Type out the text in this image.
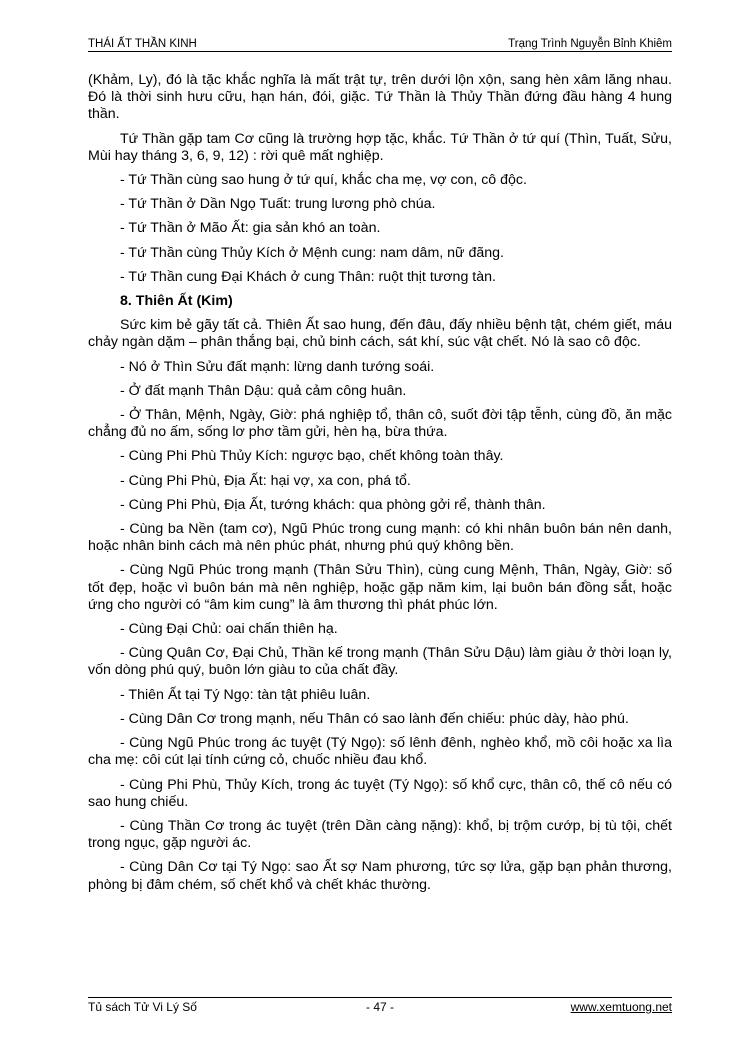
THÁI ẤT THẦN KINH	Trạng Trình Nguyễn Bỉnh Khiêm

(Khảm, Ly), đó là tặc khắc nghĩa là mất trật tự, trên dưới lộn xộn, sang hèn xâm lăng nhau. Đó là thời sinh hưu cữu, hạn hán, đói, giặc. Tứ Thần là Thủy Thần đứng đầu hàng 4 hung thần.

Tứ Thần gặp tam Cơ cũng là trường hợp tặc, khắc. Tứ Thần ở tứ quí (Thìn, Tuất, Sửu, Mùi hay tháng 3, 6, 9, 12) : rời quê mất nghiệp.

- Tứ Thần cùng sao hung ở tứ quí, khắc cha mẹ, vợ con, cô độc.

- Tứ Thần ở Dần Ngọ Tuất: trung lương phò chúa.

- Tứ Thần ở Mão Ất: gia sản khó an toàn.

- Tứ Thần cùng Thủy Kích ở Mệnh cung: nam dâm, nữ đãng.

- Tứ Thần cung Đại Khách ở cung Thân: ruột thịt tương tàn.

8. Thiên Ất (Kim)

Sức kim bẻ gãy tất cả. Thiên Ất sao hung, đến đâu, đấy nhiều bệnh tật, chém giết, máu chảy ngàn dặm – phân thắng bại, chủ binh cách, sát khí, súc vật chết. Nó là sao cô độc.

- Nó ở Thìn Sửu đất mạnh: lừng danh tướng soái.

- Ở đất mạnh Thân Dậu: quả cảm công huân.

- Ở Thân, Mệnh, Ngày, Giờ: phá nghiệp tổ, thân cô, suốt đời tập tễnh, cùng đồ, ăn mặc chẳng đủ no ấm, sống lơ phơ tầm gửi, hèn hạ, bừa thứa.

- Cùng Phi Phù Thủy Kích: ngược bạo, chết không toàn thây.

- Cùng Phi Phù, Địa Ất: hại vợ, xa con, phá tổ.

- Cùng Phi Phù, Địa Ất, tướng khách: qua phòng gởi rể, thành thân.

- Cùng ba Nền (tam cơ), Ngũ Phúc trong cung mạnh: có khi nhân buôn bán nên danh, hoặc nhân binh cách mà nên phúc phát, nhưng phú quý không bền.

- Cùng Ngũ Phúc trong mạnh (Thân Sửu Thìn), cùng cung Mệnh, Thân, Ngày, Giờ: số tốt đẹp, hoặc vì buôn bán mà nên nghiệp, hoặc gặp năm kim, lại buôn bán đồng sắt, hoặc ứng cho người có “âm kim cung” là âm thương thì phát phúc lớn.

- Cùng Đại Chủ: oai chấn thiên hạ.

- Cùng Quân Cơ, Đại Chủ, Thần kế trong mạnh (Thân Sửu Dậu) làm giàu ở thời loạn ly, vốn dòng phú quý, buôn lớn giàu to của chất đầy.

- Thiên Ất tại Tý Ngọ: tàn tật phiêu luân.

- Cùng Dân Cơ trong mạnh, nếu Thân có sao lành đến chiếu: phúc dày, hào phú.

- Cùng Ngũ Phúc trong ác tuyệt (Tý Ngọ): số lênh đênh, nghèo khổ, mồ côi hoặc xa lìa cha mẹ: côi cút lại tính cứng cỏ, chuốc nhiều đau khổ.

- Cùng Phi Phù, Thủy Kích, trong ác tuyệt (Tý Ngọ): số khổ cực, thân cô, thế cô nếu có sao hung chiếu.

- Cùng Thần Cơ trong ác tuyệt (trên Dần càng nặng): khổ, bị trộm cướp, bị tù tội, chết trong ngục, gặp người ác.

- Cùng Dân Cơ tại Tý Ngọ: sao Ất sợ Nam phương, tức sợ lửa, gặp bạn phản thương, phòng bị đâm chém, số chết khổ và chết khác thường.

Tủ sách Tử Vi Lý Số	- 47 -	www.xemtuong.net
